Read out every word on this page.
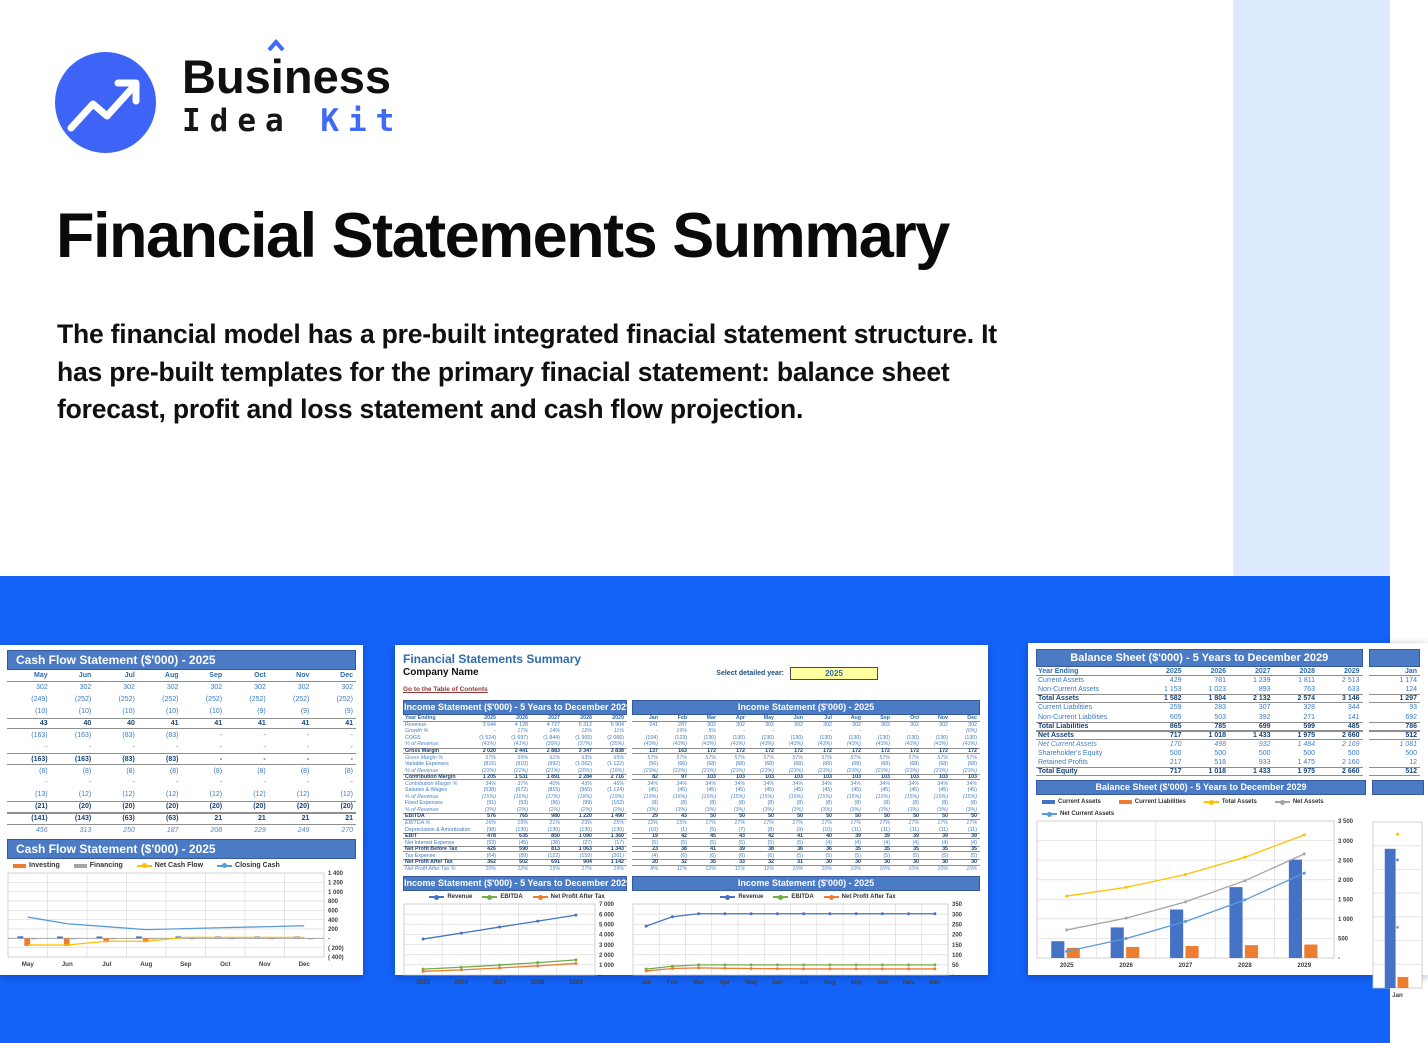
Busi
ness
Idea Kit
Financial Statements Summary

The financial model has a pre-built integrated finacial statement structure. It has pre-built templates for the primary finacial statement: balance sheet forecast, profit and loss statement and cash flow projection.

Cash Flow Statement ($'000) - 2025
May	Jun	Jul	Aug	Sep	Oct	Nov	Dec
302	302	302	302	302	302	302	302
(249)	(252)	(252)	(252)	(252)	(252)	(252)	(252)
(10)	(10)	(10)	(10)	(10)	(9)	(9)	(9)
43	40	40	41	41	41	41	41
(163)	(163)	(83)	(83)	-	-	-	-
-	-	-	-	-	-	-	-
(163)	(163)	(83)	(83)	-	-	-	-
(8)	(8)	(8)	(8)	(8)	(8)	(8)	(8)
-	-	-	-	-	-	-	-
(13)	(12)	(12)	(12)	(12)	(12)	(12)	(12)
(21)	(20)	(20)	(20)	(20)	(20)	(20)	(20)
(141)	(143)	(63)	(63)	21	21	21	21
456	313	250	187	208	229	249	270
Cash Flow Statement ($'000) - 2025
Investing	Financing	Net Cash Flow	Closing Cash
1 400
1 200
1 000
800
600
400
200
-
( 200)
( 400)
May	Jun	Jul	Aug	Sep	Oct	Nov	Dec
Financial Statements Summary
Company Name
Go to the Table of Contents
Select detailed year:	2025
Income Statement ($'000) - 5 Years to December 2029
Year Ending	2025	2026	2027	2028	2029
Revenue	3 544	4 128	4 727	5 312	5 904
Growth %	-	17%	14%	12%	11%
COGS	(1 524)	(1 697)	(1 844)	(1 965)	(2 066)
% of Revenue	(43%)	(41%)	(39%)	(37%)	(35%)
Gross Margin	2 020	2 441	2 883	3 347	3 838
Gross Margin %	57%	59%	61%	63%	65%
Variable Expenses	(815)	(910)	(992)	(1 062)	(1 122)
% of Revenue	(23%)	(22%)	(21%)	(20%)	(19%)
Contribution Margin	1 205	1 531	1 891	2 284	2 716
Contribution Margin %	34%	37%	40%	43%	46%
Salaries & Wages	(538)	(672)	(815)	(965)	(1 124)
% of Revenue	(15%)	(16%)	(17%)	(18%)	(19%)
Fixed Expenses	(91)	(93)	(96)	(99)	(102)
% of Revenue	(3%)	(2%)	(2%)	(2%)	(2%)
EBITDA	576	765	980	1 220	1 490
EBITDA %	16%	19%	21%	23%	25%
Depreciation & Amortization	(98)	(130)	(130)	(130)	(130)
EBIT	478	635	850	1 090	1 360
Net Interest Expense	(53)	(45)	(38)	(27)	(17)
Net Profit Before Tax	426	590	813	1 063	1 343
Tax Expense	(64)	(89)	(122)	(159)	(201)
Net Profit After Tax	362	502	691	904	1 142
Net Profit After Tax %	10%	12%	15%	17%	19%
Income Statement ($'000) - 2025
Jan	Feb	Mar	Apr	May	Jun	Jul	Aug	Sep	Oct	Nov	Dec
241	287	302	302	302	302	302	302	302	302	302	302
-	19%	5%	-	-	-	-	-	-	-	-	(0%)
(104)	(123)	(130)	(130)	(130)	(130)	(130)	(130)	(130)	(130)	(130)	(130)
(43%)	(43%)	(43%)	(43%)	(43%)	(43%)	(43%)	(43%)	(43%)	(43%)	(43%)	(43%)
137	163	172	172	172	172	172	172	172	172	172	172
57%	57%	57%	57%	57%	57%	57%	57%	57%	57%	57%	57%
(56)	(66)	(68)	(68)	(68)	(68)	(68)	(68)	(68)	(68)	(68)	(68)
(23%)	(23%)	(23%)	(23%)	(23%)	(23%)	(23%)	(23%)	(23%)	(23%)	(23%)	(23%)
82	97	103	103	103	103	103	103	103	103	103	103
34%	34%	34%	34%	34%	34%	34%	34%	34%	34%	34%	34%
(45)	(45)	(45)	(45)	(45)	(45)	(45)	(45)	(45)	(45)	(45)	(45)
(19%)	(16%)	(15%)	(15%)	(15%)	(15%)	(15%)	(15%)	(15%)	(15%)	(15%)	(15%)
(8)	(8)	(8)	(8)	(8)	(8)	(8)	(8)	(8)	(8)	(8)	(8)
(3%)	(3%)	(3%)	(3%)	(3%)	(3%)	(3%)	(3%)	(3%)	(3%)	(3%)	(3%)
29	43	50	50	50	50	50	50	50	50	50	50
12%	15%	17%	17%	17%	17%	17%	17%	17%	17%	17%	17%
(10)	(1)	(5)	(7)	(8)	(9)	(10)	(11)	(11)	(11)	(11)	(11)
19	42	45	43	42	41	40	39	39	39	39	39
(5)	(5)	(5)	(5)	(5)	(5)	(4)	(4)	(4)	(4)	(4)	(4)
23	38	41	39	38	36	36	35	35	35	35	35
(4)	(6)	(6)	(6)	(6)	(5)	(5)	(5)	(5)	(5)	(5)	(5)
20	32	35	33	32	31	30	30	30	30	30	30
8%	11%	12%	11%	11%	10%	10%	10%	10%	10%	10%	10%
Income Statement ($'000) - 5 Years to December 2029
Revenue	EBITDA	Net Profit After Tax
7 000
6 000
5 000
4 000
3 000
2 000
1 000
-
2025	2026	2027	2028	2029
Income Statement ($'000) - 2025
Revenue	EBITDA	Net Profit After Tax
350
300
250
200
150
100
50
-
Jan Feb Mar Apr May Jun	Jul	Aug Sep Oct Nov Dec
Balance Sheet ($'000) - 5 Years to December 2029
Year Ending	2025	2026	2027	2028	2029
Current Assets	429	781	1 239	1 811	2 513
Non-Current Assets	1 153	1 023	893	763	633
Total Assets	1 582	1 804	2 132	2 574	3 146
Current Liabilities	259	283	307	328	344
Non-Current Liabilities	605	503	392	271	141
Total Liabilities	865	785	699	599	485
Net Assets	717	1 018	1 433	1 975	2 660
Net Current Assets	170	498	932	1 484	2 169
Shareholder's Equity	500	500	500	500	500
Retained Profits	217	518	933	1 475	2 160
Total Equity	717	1 018	1 433	1 975	2 660
Jan
1 174
124
1 297
93
692
786
512
1 081
500
12
512
Balance Sheet ($'000) - 5 Years to December 2029
Current Assets	Current Liabilities	Total Assets	Net Assets
Net Current Assets
3 500
3 000
2 500
2 000
1 500
1 000
500
-
2025	2026	2027	2028	2029
Jan
